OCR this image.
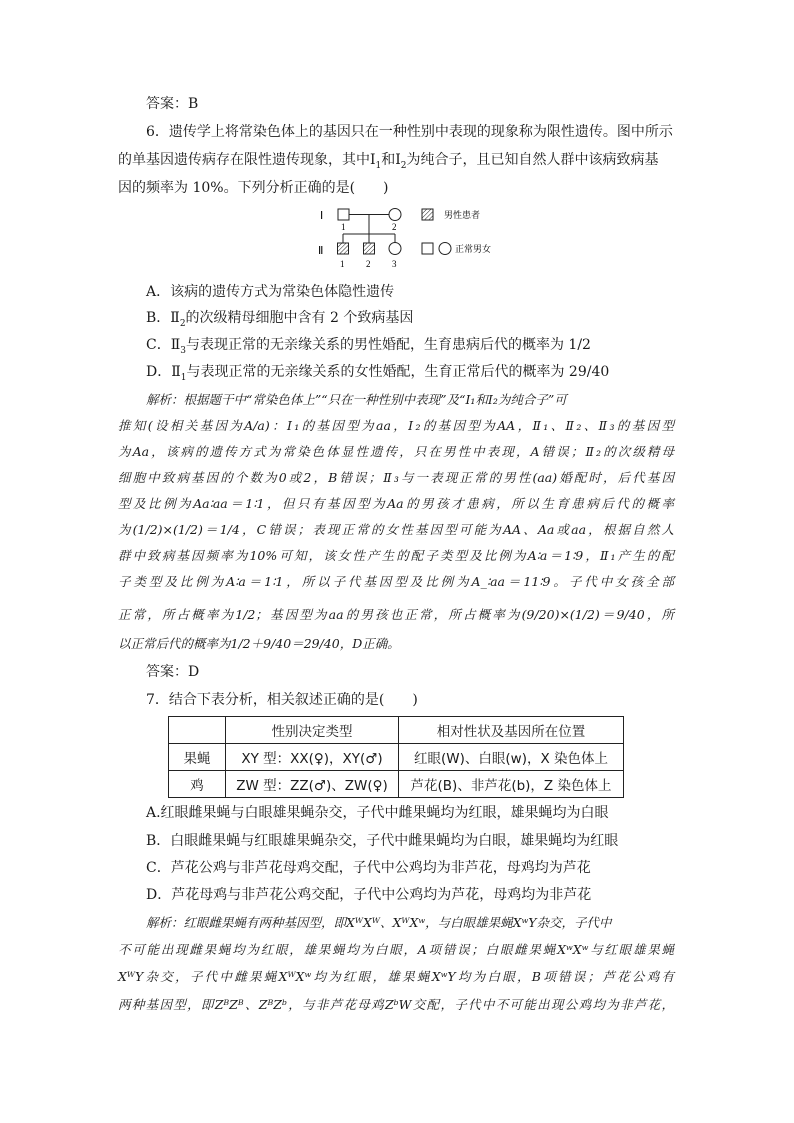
答案：B
6．遗传学上将常染色体上的基因只在一种性别中表现的现象称为限性遗传。图中所示
的单基因遗传病存在限性遗传现象，其中$Ⅰ_1$和$Ⅰ_2$为纯合子，且已知自然人群中该病致病基
因的频率为 10%。下列分析正确的是(　　)
Ⅰ
Ⅱ
1	2
1 2 3
男性患者
正常男女
A．该病的遗传方式为常染色体隐性遗传
B．$Ⅱ_2$的次级精母细胞中含有 2 个致病基因
C．$Ⅱ_3$与表现正常的无亲缘关系的男性婚配，生育患病后代的概率为 1/2
D．$Ⅱ_1$与表现正常的无亲缘关系的女性婚配，生育正常后代的概率为 29/40
解析：根据题干中“常染色体上”“只在一种性别中表现”及“Ⅰ₁和Ⅰ₂为纯合子”可
推知(设相关基因为A/a)：Ⅰ₁的基因型为aa，Ⅰ₂的基因型为AA，Ⅱ₁、Ⅱ₂、Ⅱ₃的基因型
为Aa，该病的遗传方式为常染色体显性遗传，只在男性中表现，A错误；Ⅱ₂的次级精母
细胞中致病基因的个数为0或2，B错误；Ⅱ₃与一表现正常的男性(aa)婚配时，后代基因
型及比例为Aa∶aa＝1∶1，但只有基因型为Aa的男孩才患病，所以生育患病后代的概率
为(1/2)×(1/2)＝1/4，C错误；表现正常的女性基因型可能为AA、Aa或aa，根据自然人
群中致病基因频率为10%可知，该女性产生的配子类型及比例为A∶a＝1∶9，Ⅱ₁产生的配
子类型及比例为A∶a＝1∶1，所以子代基因型及比例为A_∶aa＝11∶9。子代中女孩全部
正常，所占概率为1/2；基因型为aa的男孩也正常，所占概率为(9/20)×(1/2)＝9/40，所
以正常后代的概率为1/2＋9/40＝29/40，D正确。
答案：D
7．结合下表分析，相关叙述正确的是(　　)
	性别决定类型	相对性状及基因所在位置
果蝇	XY 型：XX(♀)，XY(♂)	红眼(W)、白眼(w)，X 染色体上
鸡	ZW 型：ZZ(♂)、ZW(♀)	芦花(B)、非芦花(b)，Z 染色体上
A.红眼雌果蝇与白眼雄果蝇杂交，子代中雌果蝇均为红眼，雄果蝇均为白眼
B．白眼雌果蝇与红眼雄果蝇杂交，子代中雌果蝇均为白眼，雄果蝇均为红眼
C．芦花公鸡与非芦花母鸡交配，子代中公鸡均为非芦花，母鸡均为芦花
D．芦花母鸡与非芦花公鸡交配，子代中公鸡均为芦花，母鸡均为非芦花
解析：红眼雌果蝇有两种基因型，即XᵂXᵂ、XᵂXʷ，与白眼雄果蝇XʷY杂交，子代中
不可能出现雌果蝇均为红眼，雄果蝇均为白眼，A项错误；白眼雌果蝇XʷXʷ与红眼雄果蝇
XᵂY杂交，子代中雌果蝇XᵂXʷ均为红眼，雄果蝇XʷY均为白眼，B项错误；芦花公鸡有
两种基因型，即ZᴮZᴮ、ZᴮZᵇ，与非芦花母鸡ZᵇW交配，子代中不可能出现公鸡均为非芦花，
